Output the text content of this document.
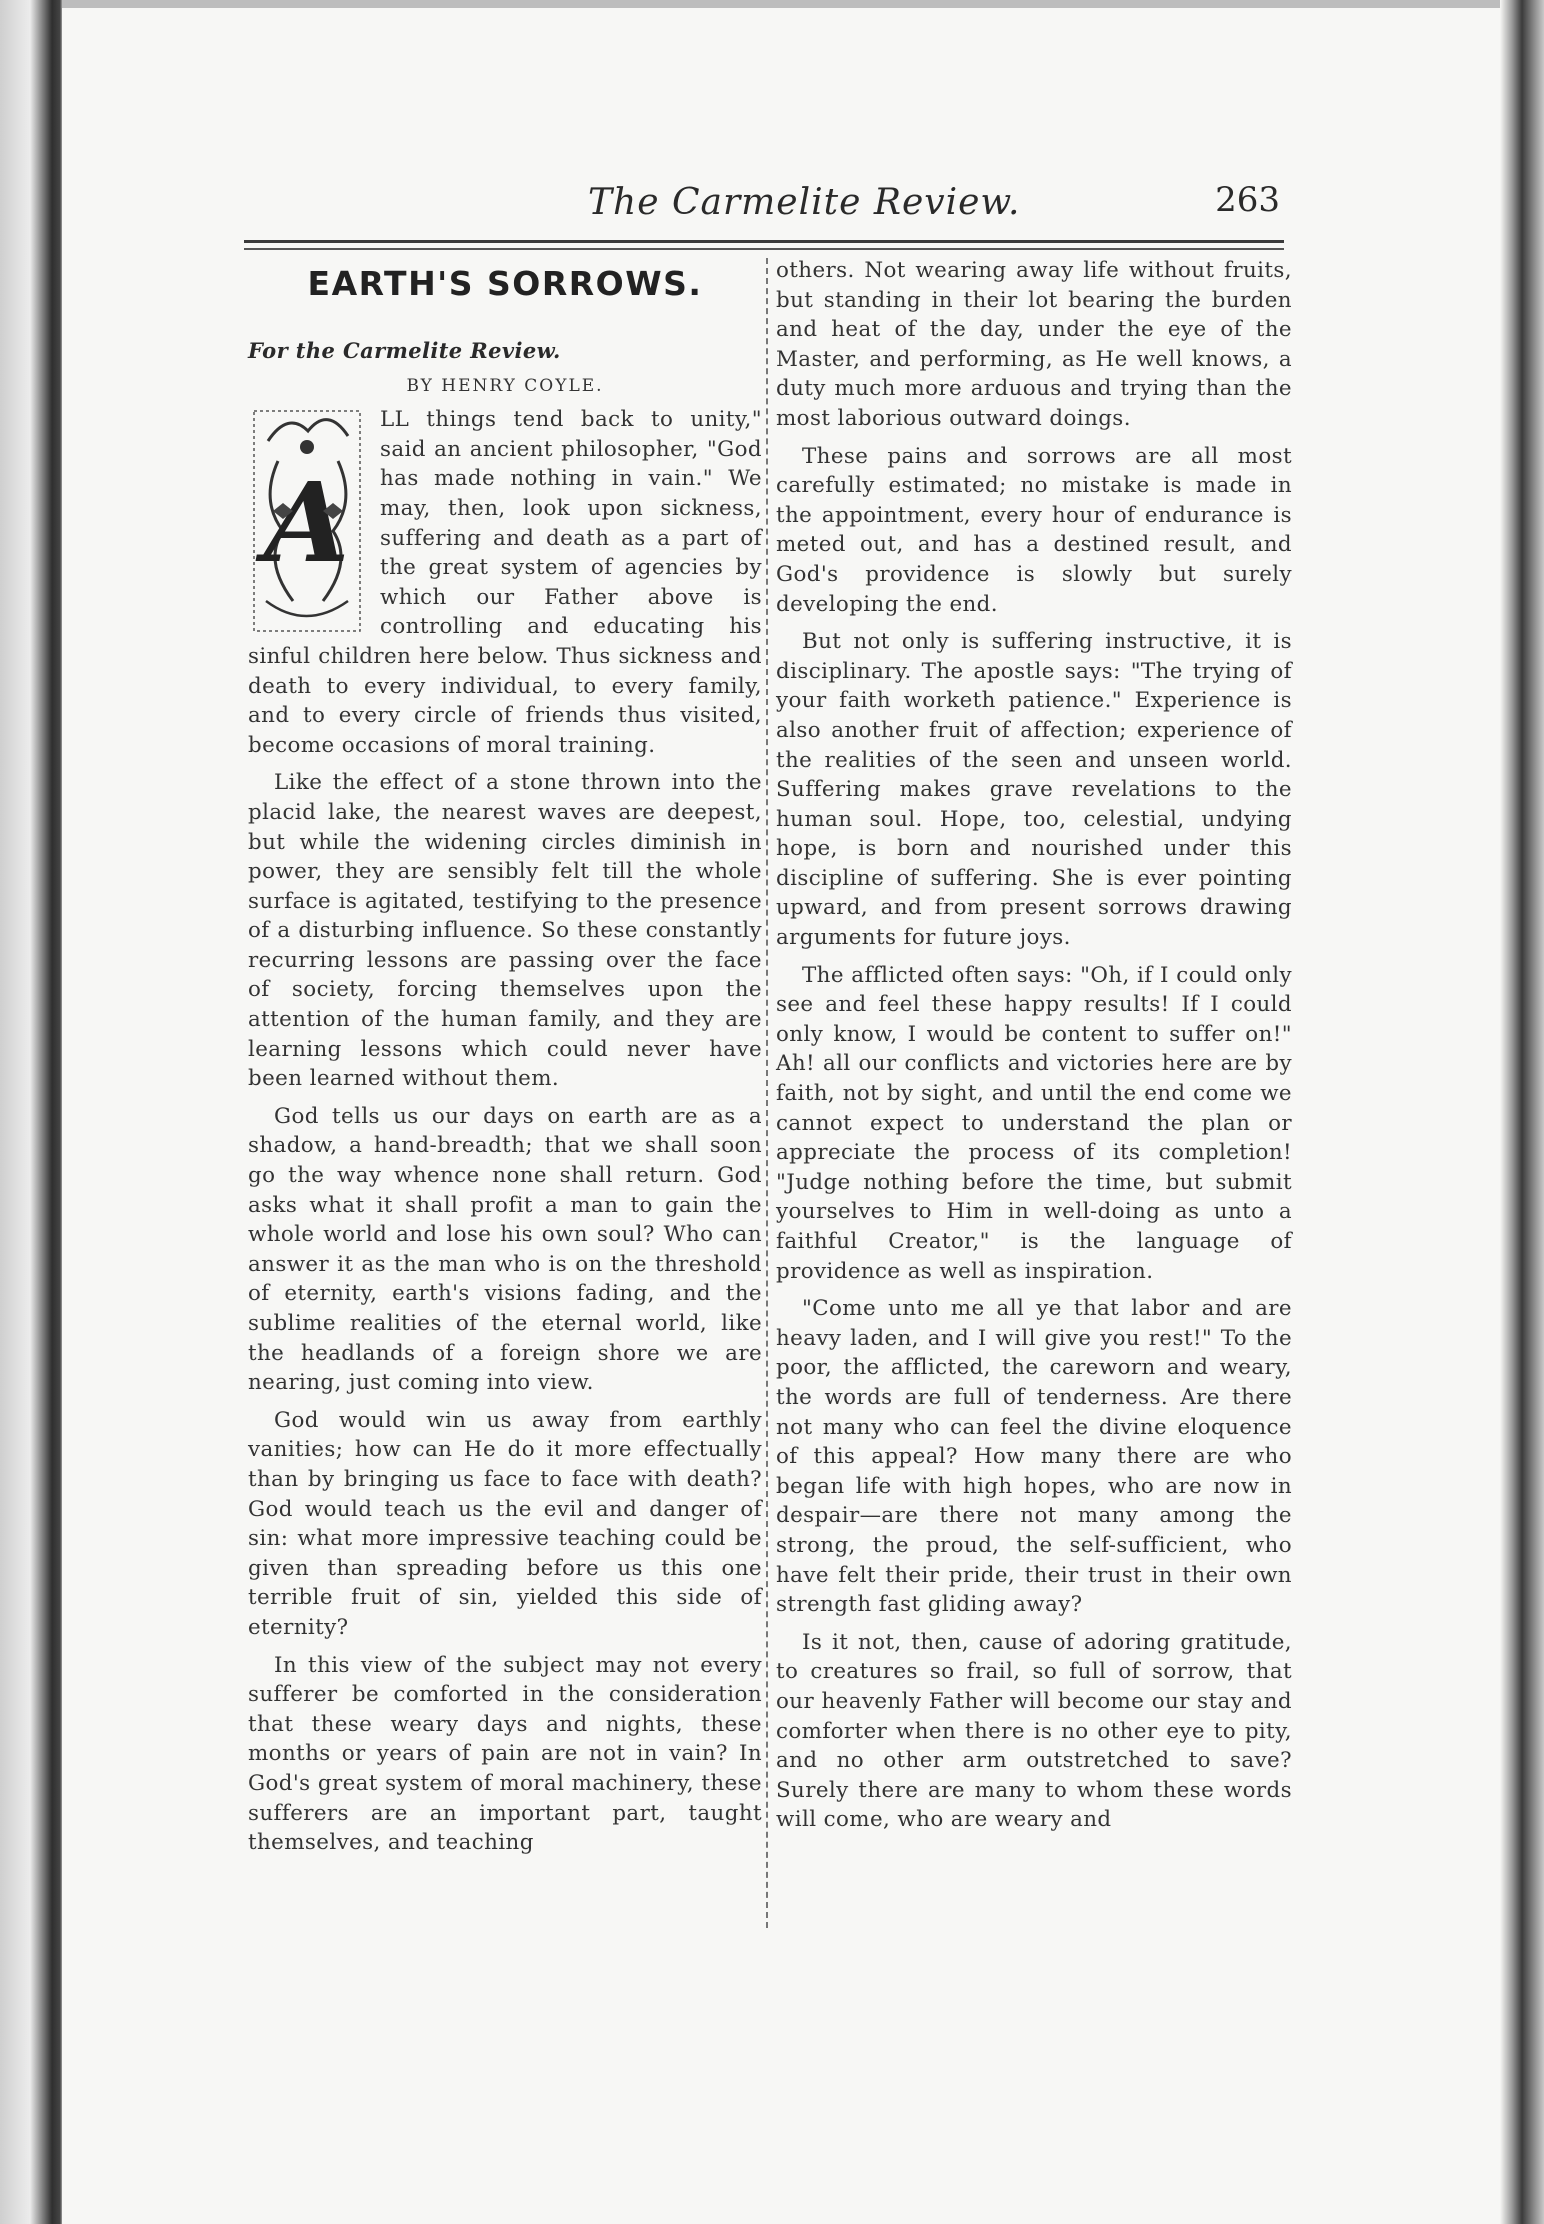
The Carmelite Review.	263
EARTH'S SORROWS.
For the Carmelite Review.
BY HENRY COYLE.
A

LL things tend back to unity," said an ancient philosopher, "God has made nothing in vain." We may, then, look upon sickness, suffering and death as a part of the great system of agencies by which our Father above is controlling and educating his sinful children here below. Thus sickness and death to every individual, to every family, and to every circle of friends thus visited, become occasions of moral training.

Like the effect of a stone thrown into the placid lake, the nearest waves are deepest, but while the widening circles diminish in power, they are sensibly felt till the whole surface is agitated, testifying to the presence of a disturbing influence. So these constantly recurring lessons are passing over the face of society, forcing themselves upon the attention of the human family, and they are learning lessons which could never have been learned without them.

God tells us our days on earth are as a shadow, a hand-breadth; that we shall soon go the way whence none shall return. God asks what it shall profit a man to gain the whole world and lose his own soul? Who can answer it as the man who is on the threshold of eternity, earth's visions fading, and the sublime realities of the eternal world, like the headlands of a foreign shore we are nearing, just coming into view.

God would win us away from earthly vanities; how can He do it more effectually than by bringing us face to face with death? God would teach us the evil and danger of sin: what more impressive teaching could be given than spreading before us this one terrible fruit of sin, yielded this side of eternity?

In this view of the subject may not every sufferer be comforted in the consideration that these weary days and nights, these months or years of pain are not in vain? In God's great system of moral machinery, these sufferers are an important part, taught themselves, and teaching

others. Not wearing away life without fruits, but standing in their lot bearing the burden and heat of the day, under the eye of the Master, and performing, as He well knows, a duty much more arduous and trying than the most laborious outward doings.

These pains and sorrows are all most carefully estimated; no mistake is made in the appointment, every hour of endurance is meted out, and has a destined result, and God's providence is slowly but surely developing the end.

But not only is suffering instructive, it is disciplinary. The apostle says: "The trying of your faith worketh patience." Experience is also another fruit of affection; experience of the realities of the seen and unseen world. Suffering makes grave revelations to the human soul. Hope, too, celestial, undying hope, is born and nourished under this discipline of suffering. She is ever pointing upward, and from present sorrows drawing arguments for future joys.

The afflicted often says: "Oh, if I could only see and feel these happy results! If I could only know, I would be content to suffer on!" Ah! all our conflicts and victories here are by faith, not by sight, and until the end come we cannot expect to understand the plan or appreciate the process of its completion! "Judge nothing before the time, but submit yourselves to Him in well-doing as unto a faithful Creator," is the language of providence as well as inspiration.

"Come unto me all ye that labor and are heavy laden, and I will give you rest!" To the poor, the afflicted, the careworn and weary, the words are full of tenderness. Are there not many who can feel the divine eloquence of this appeal? How many there are who began life with high hopes, who are now in despair—are there not many among the strong, the proud, the self-sufficient, who have felt their pride, their trust in their own strength fast gliding away?

Is it not, then, cause of adoring gratitude, to creatures so frail, so full of sorrow, that our heavenly Father will become our stay and comforter when there is no other eye to pity, and no other arm outstretched to save? Surely there are many to whom these words will come, who are weary and
